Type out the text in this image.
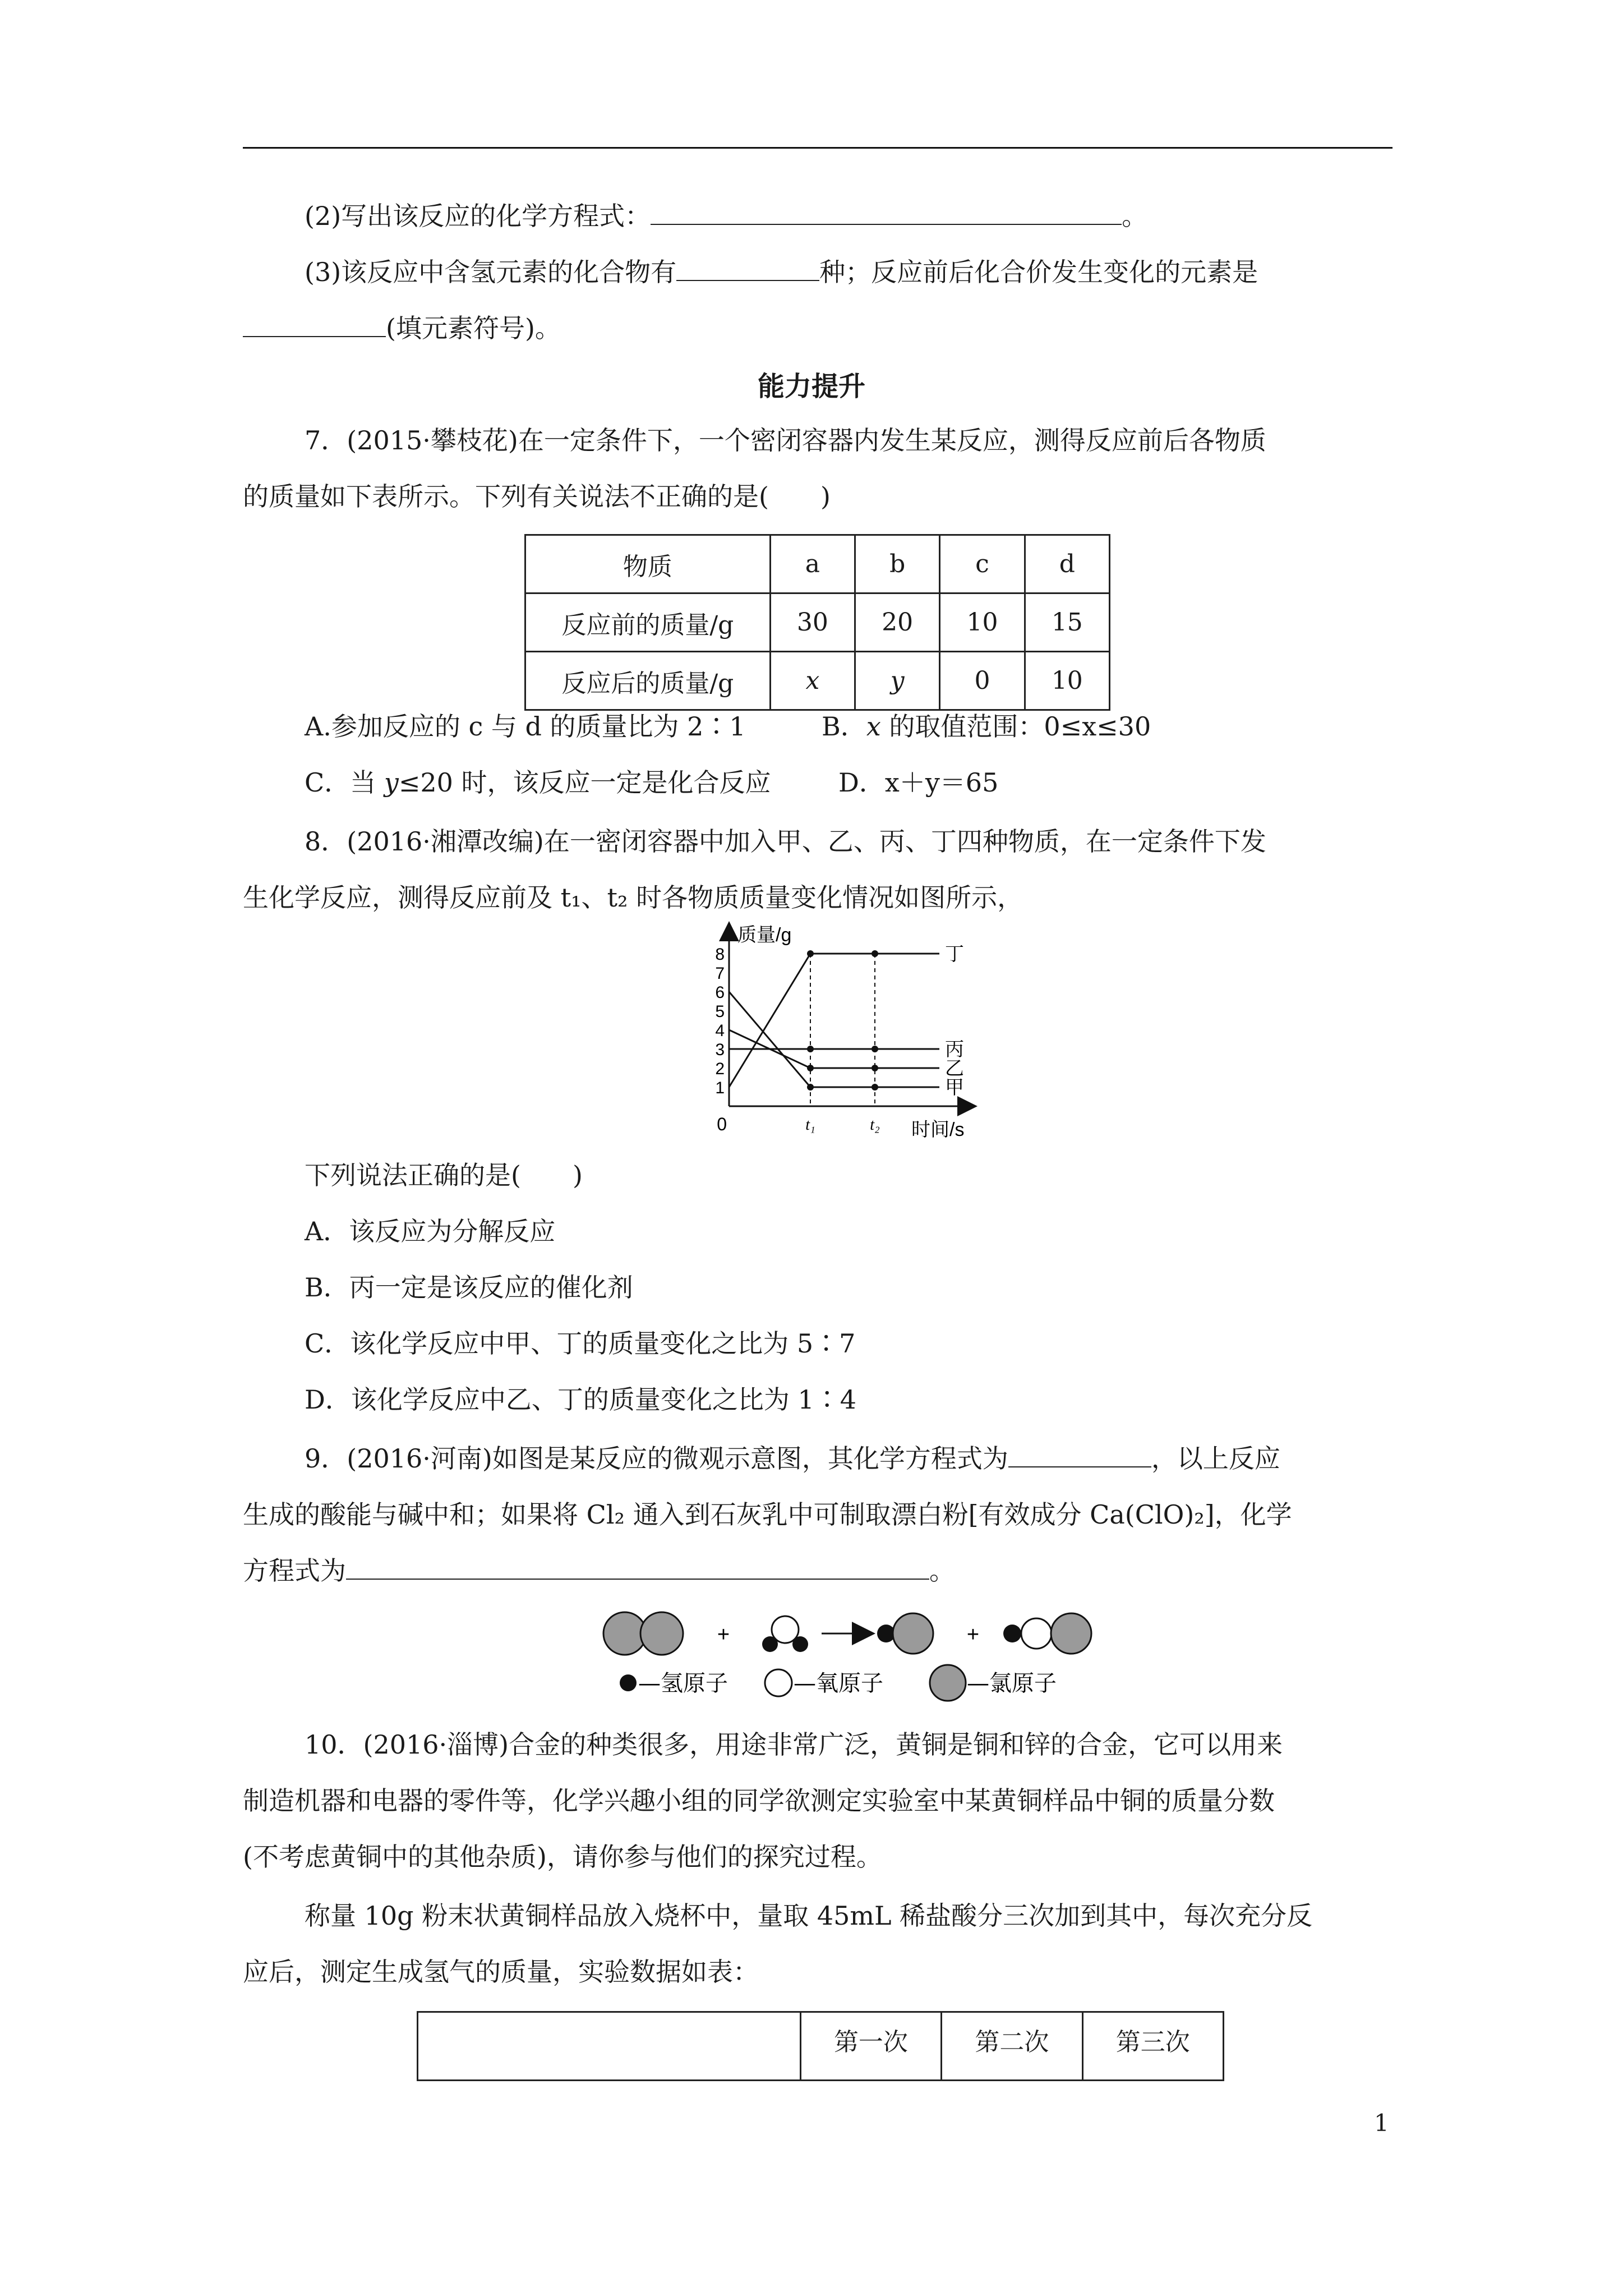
(2)写出该反应的化学方程式：	。
(3)该反应中含氢元素的化合物有	种；反应前后化合价发生变化的元素是
(填元素符号)。
能力提升
7．(2015·攀枝花)在一定条件下，一个密闭容器内发生某反应，测得反应前后各物质
的质量如下表所示。下列有关说法不正确的是(　　)
物质	a	b	c	d
反应前的质量/g	30	20	10	15
反应后的质量/g	x	y	0	10
A.参加反应的 c 与 d 的质量比为 2∶1	B．x 的取值范围：0≤x≤30
C．当 y≤20 时，该反应一定是化合反应	D．x＋y＝65
8．(2016·湘潭改编)在一密闭容器中加入甲、乙、丙、丁四种物质，在一定条件下发
生化学反应，测得反应前及 t₁、t₂ 时各物质质量变化情况如图所示，
质量/g
时间/s
0
1
2
3
4
5
6
7
8
t₁	t₂
丁
丙
乙
甲
下列说法正确的是(　　)
A．该反应为分解反应
B．丙一定是该反应的催化剂
C．该化学反应中甲、丁的质量变化之比为 5∶7
D．该化学反应中乙、丁的质量变化之比为 1∶4
9．(2016·河南)如图是某反应的微观示意图，其化学方程式为	，以上反应
生成的酸能与碱中和；如果将 Cl₂ 通入到石灰乳中可制取漂白粉[有效成分 Ca(ClO)₂]，化学
方程式为	。
+	+
—氢原子	—氧原子	—氯原子
10．(2016·淄博)合金的种类很多，用途非常广泛，黄铜是铜和锌的合金，它可以用来
制造机器和电器的零件等，化学兴趣小组的同学欲测定实验室中某黄铜样品中铜的质量分数
(不考虑黄铜中的其他杂质)，请你参与他们的探究过程。
称量 10g 粉末状黄铜样品放入烧杯中，量取 45mL 稀盐酸分三次加到其中，每次充分反
应后，测定生成氢气的质量，实验数据如表：
	第一次	第二次	第三次
1
